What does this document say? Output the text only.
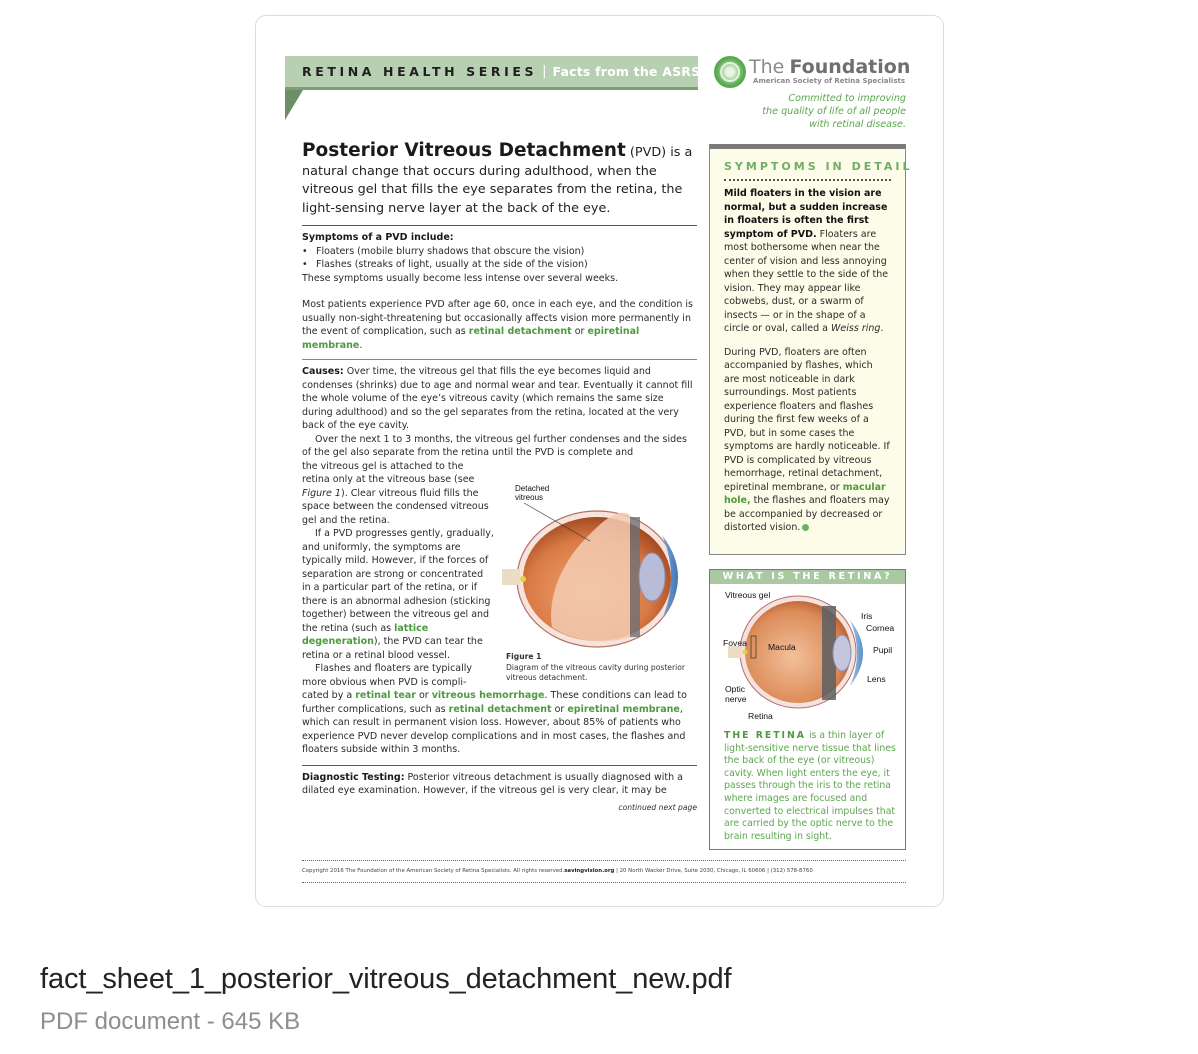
RETINA HEALTH SERIES | Facts from the ASRS	The Foundation
American Society of Retina Specialists
Committed to improving
the quality of life of all people
with retinal disease.

Posterior Vitreous Detachment (PVD) is a natural change that occurs during adulthood, when the vitreous gel that fills the eye separates from the retina, the light-sensing nerve layer at the back of the eye.

Symptoms of a PVD include:
• Floaters (mobile blurry shadows that obscure the vision)
• Flashes (streaks of light, usually at the side of the vision)
These symptoms usually become less intense over several weeks.

Most patients experience PVD after age 60, once in each eye, and the condition is usually non-sight-threatening but occasionally affects vision more permanently in the event of complication, such as retinal detachment or epiretinal membrane.

Causes: Over time, the vitreous gel that fills the eye becomes liquid and condenses (shrinks) due to age and normal wear and tear. Eventually it cannot fill the whole volume of the eye’s vitreous cavity (which remains the same size during adulthood) and so the gel separates from the retina, located at the very back of the eye cavity.

Over the next 1 to 3 months, the vitreous gel further condenses and the sides of the gel also separate from the retina until the PVD is complete and

the vitreous gel is attached to the retina only at the vitreous base (see Figure 1). Clear vitreous fluid fills the space between the condensed vitreous gel and the retina.

If a PVD progresses gently, gradually, and uniformly, the symptoms are typically mild. However, if the forces of separation are strong or concentrated in a particular part of the retina, or if there is an abnormal adhesion (sticking together) between the vitreous gel and the retina (such as lattice degeneration), the PVD can tear the retina or a retinal blood vessel.

Flashes and floaters are typically more obvious when PVD is compli-

cated by a retinal tear or vitreous hemorrhage. These conditions can lead to further complications, such as retinal detachment or epiretinal membrane, which can result in permanent vision loss. However, about 85% of patients who experience PVD never develop complications and in most cases, the flashes and floaters subside within 3 months.

Diagnostic Testing: Posterior vitreous detachment is usually diagnosed with a dilated eye examination. However, if the vitreous gel is very clear, it may be

continued next page
Detached vitreous
Figure 1
Diagram of the vitreous cavity during posterior vitreous detachment.
SYMPTOMS IN DETAIL

Mild floaters in the vision are normal, but a sudden increase in floaters is often the first symptom of PVD. Floaters are most bothersome when near the center of vision and less annoying when they settle to the side of the vision. They may appear like cobwebs, dust, or a swarm of insects — or in the shape of a circle or oval, called a Weiss ring.

During PVD, floaters are often accompanied by flashes, which are most noticeable in dark surroundings. Most patients experience floaters and flashes during the first few weeks of a PVD, but in some cases the symptoms are hardly noticeable. If PVD is complicated by vitreous hemorrhage, retinal detachment, epiretinal membrane, or macular hole, the flashes and floaters may be accompanied by decreased or distorted vision.

WHAT IS THE RETINA?
Vitreous gel
Iris
Cornea
Fovea Macula	Pupil
Lens
Optic
nerve
Retina

THE RETINA is a thin layer of light-sensitive nerve tissue that lines the back of the eye (or vitreous) cavity. When light enters the eye, it passes through the iris to the retina where images are focused and converted to electrical impulses that are carried by the optic nerve to the brain resulting in sight.

Copyright 2016 The Foundation of the American Society of Retina Specialists. All rights reserved.savingvision.org | 20 North Wacker Drive, Suite 2030, Chicago, IL 60606 | (312) 578-8760
fact_sheet_1_posterior_vitreous_detachment_new.pdf
PDF document - 645 KB
